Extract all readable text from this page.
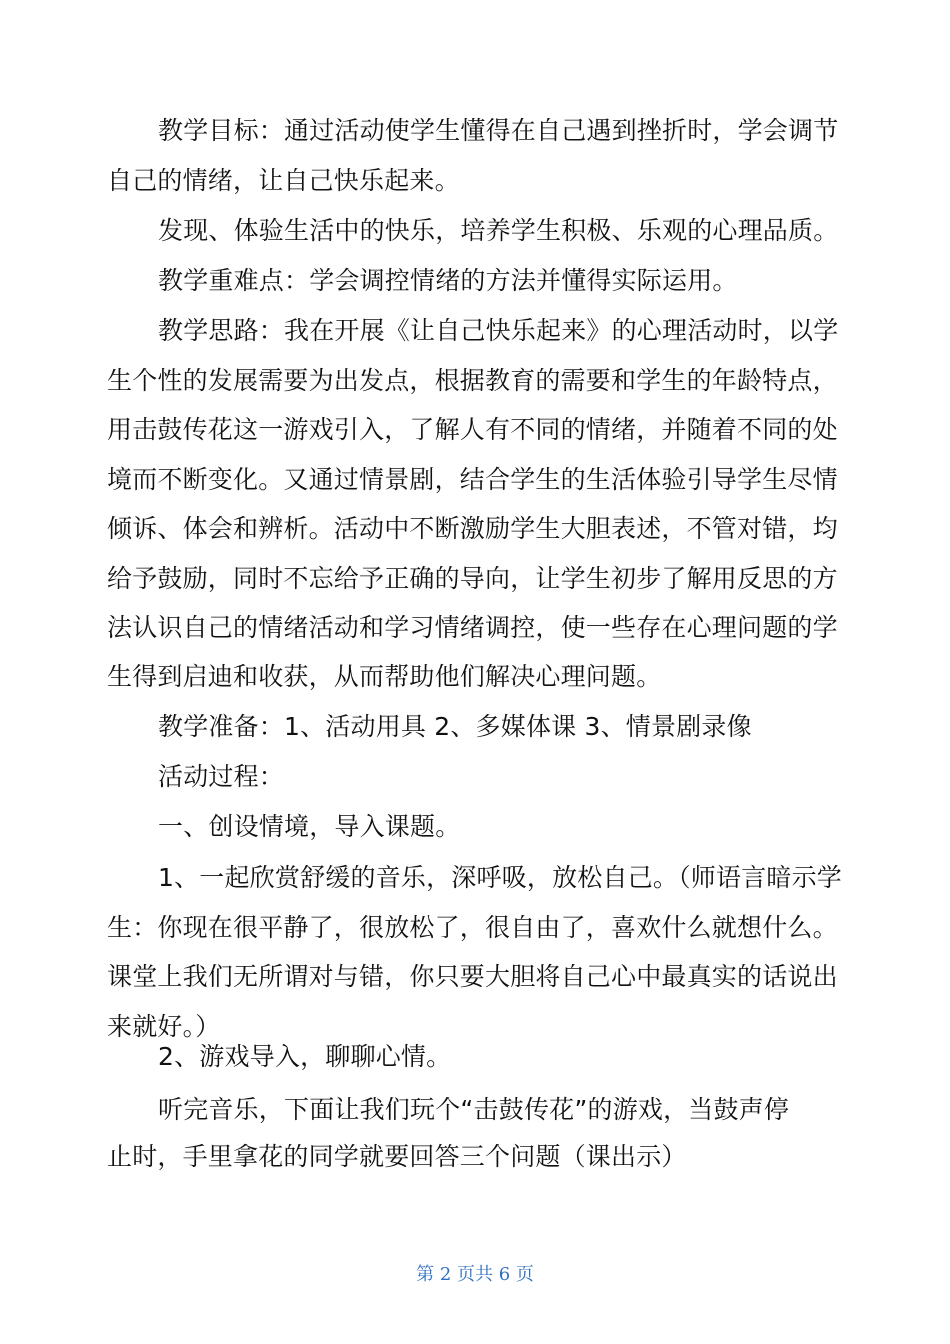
教学目标：通过活动使学生懂得在自己遇到挫折时，学会调节
自己的情绪，让自己快乐起来。
发现、体验生活中的快乐，培养学生积极、乐观的心理品质。
教学重难点：学会调控情绪的方法并懂得实际运用。
教学思路：我在开展《让自己快乐起来》的心理活动时，以学
生个性的发展需要为出发点，根据教育的需要和学生的年龄特点，
用击鼓传花这一游戏引入，了解人有不同的情绪，并随着不同的处
境而不断变化。又通过情景剧，结合学生的生活体验引导学生尽情
倾诉、体会和辨析。活动中不断激励学生大胆表述，不管对错，均
给予鼓励，同时不忘给予正确的导向，让学生初步了解用反思的方
法认识自己的情绪活动和学习情绪调控，使一些存在心理问题的学
生得到启迪和收获，从而帮助他们解决心理问题。
教学准备：1、活动用具 2、多媒体课 3、情景剧录像
活动过程：
一、创设情境，导入课题。
1、一起欣赏舒缓的音乐，深呼吸，放松自己。（师语言暗示学
生：你现在很平静了，很放松了，很自由了，喜欢什么就想什么。
课堂上我们无所谓对与错，你只要大胆将自己心中最真实的话说出
来就好。）
2、游戏导入，聊聊心情。
听完音乐，下面让我们玩个“击鼓传花”的游戏，当鼓声停
止时，手里拿花的同学就要回答三个问题（课出示）
第 2 页共 6 页
